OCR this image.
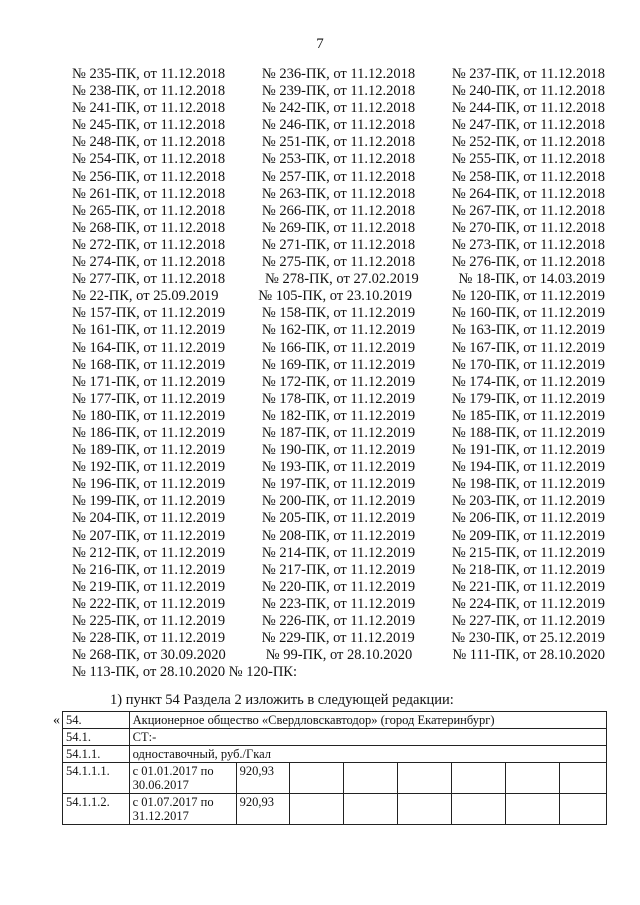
7
№ 235-ПК, от 11.12.2018	№ 236-ПК, от 11.12.2018	№ 237-ПК, от 11.12.2018
№ 238-ПК, от 11.12.2018	№ 239-ПК, от 11.12.2018	№ 240-ПК, от 11.12.2018
№ 241-ПК, от 11.12.2018	№ 242-ПК, от 11.12.2018	№ 244-ПК, от 11.12.2018
№ 245-ПК, от 11.12.2018	№ 246-ПК, от 11.12.2018	№ 247-ПК, от 11.12.2018
№ 248-ПК, от 11.12.2018	№ 251-ПК, от 11.12.2018	№ 252-ПК, от 11.12.2018
№ 254-ПК, от 11.12.2018	№ 253-ПК, от 11.12.2018	№ 255-ПК, от 11.12.2018
№ 256-ПК, от 11.12.2018	№ 257-ПК, от 11.12.2018	№ 258-ПК, от 11.12.2018
№ 261-ПК, от 11.12.2018	№ 263-ПК, от 11.12.2018	№ 264-ПК, от 11.12.2018
№ 265-ПК, от 11.12.2018	№ 266-ПК, от 11.12.2018	№ 267-ПК, от 11.12.2018
№ 268-ПК, от 11.12.2018	№ 269-ПК, от 11.12.2018	№ 270-ПК, от 11.12.2018
№ 272-ПК, от 11.12.2018	№ 271-ПК, от 11.12.2018	№ 273-ПК, от 11.12.2018
№ 274-ПК, от 11.12.2018	№ 275-ПК, от 11.12.2018	№ 276-ПК, от 11.12.2018
№ 277-ПК, от 11.12.2018	№ 278-ПК, от 27.02.2019	№ 18-ПК, от 14.03.2019
№ 22-ПК, от 25.09.2019	№ 105-ПК, от 23.10.2019	№ 120-ПК, от 11.12.2019
№ 157-ПК, от 11.12.2019	№ 158-ПК, от 11.12.2019	№ 160-ПК, от 11.12.2019
№ 161-ПК, от 11.12.2019	№ 162-ПК, от 11.12.2019	№ 163-ПК, от 11.12.2019
№ 164-ПК, от 11.12.2019	№ 166-ПК, от 11.12.2019	№ 167-ПК, от 11.12.2019
№ 168-ПК, от 11.12.2019	№ 169-ПК, от 11.12.2019	№ 170-ПК, от 11.12.2019
№ 171-ПК, от 11.12.2019	№ 172-ПК, от 11.12.2019	№ 174-ПК, от 11.12.2019
№ 177-ПК, от 11.12.2019	№ 178-ПК, от 11.12.2019	№ 179-ПК, от 11.12.2019
№ 180-ПК, от 11.12.2019	№ 182-ПК, от 11.12.2019	№ 185-ПК, от 11.12.2019
№ 186-ПК, от 11.12.2019	№ 187-ПК, от 11.12.2019	№ 188-ПК, от 11.12.2019
№ 189-ПК, от 11.12.2019	№ 190-ПК, от 11.12.2019	№ 191-ПК, от 11.12.2019
№ 192-ПК, от 11.12.2019	№ 193-ПК, от 11.12.2019	№ 194-ПК, от 11.12.2019
№ 196-ПК, от 11.12.2019	№ 197-ПК, от 11.12.2019	№ 198-ПК, от 11.12.2019
№ 199-ПК, от 11.12.2019	№ 200-ПК, от 11.12.2019	№ 203-ПК, от 11.12.2019
№ 204-ПК, от 11.12.2019	№ 205-ПК, от 11.12.2019	№ 206-ПК, от 11.12.2019
№ 207-ПК, от 11.12.2019	№ 208-ПК, от 11.12.2019	№ 209-ПК, от 11.12.2019
№ 212-ПК, от 11.12.2019	№ 214-ПК, от 11.12.2019	№ 215-ПК, от 11.12.2019
№ 216-ПК, от 11.12.2019	№ 217-ПК, от 11.12.2019	№ 218-ПК, от 11.12.2019
№ 219-ПК, от 11.12.2019	№ 220-ПК, от 11.12.2019	№ 221-ПК, от 11.12.2019
№ 222-ПК, от 11.12.2019	№ 223-ПК, от 11.12.2019	№ 224-ПК, от 11.12.2019
№ 225-ПК, от 11.12.2019	№ 226-ПК, от 11.12.2019	№ 227-ПК, от 11.12.2019
№ 228-ПК, от 11.12.2019	№ 229-ПК, от 11.12.2019	№ 230-ПК, от 25.12.2019
№ 268-ПК, от 30.09.2020	№ 99-ПК, от 28.10.2020	№ 111-ПК, от 28.10.2020
№ 113-ПК, от 28.10.2020 № 120-ПК:
1) пункт 54 Раздела 2 изложить в следующей редакции:
« 54.	Акционерное общество «Свердловскавтодор» (город Екатеринбург)							
54.1.	СТ:-							
54.1.1.	одноставочный, руб./Гкал							
54.1.1.1.	с 01.01.2017 по 30.06.2017	920,93						
54.1.1.2.	с 01.07.2017 по 31.12.2017	920,93						
